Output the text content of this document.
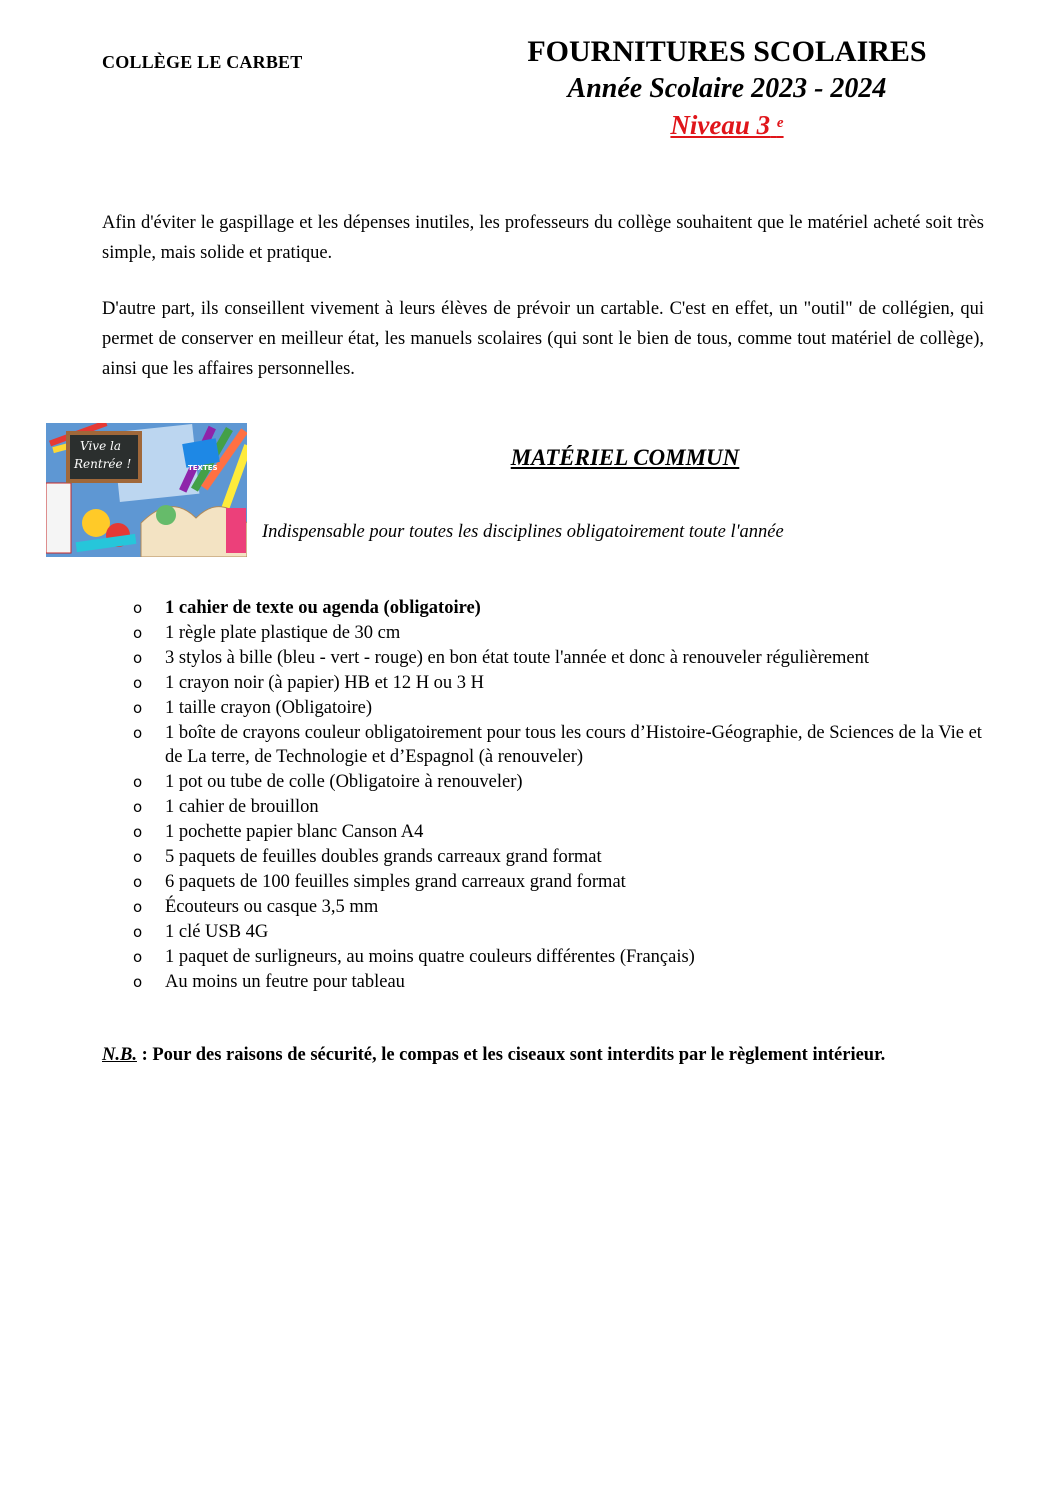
COLLÈGE LE CARBET	FOURNITURES SCOLAIRES
Année Scolaire 2023 - 2024
Niveau 3 $^e$
Afin d'éviter le gaspillage et les dépenses inutiles, les professeurs du collège souhaitent que le matériel acheté soit très simple, mais solide et pratique.
D'autre part, ils conseillent vivement à leurs élèves de prévoir un cartable. C'est en effet, un "outil" de collégien, qui permet de conserver en meilleur état, les manuels scolaires (qui sont le bien de tous, comme tout matériel de collège), ainsi que les affaires personnelles.
Vive la
Rentrée !	TEXTES	MATÉRIEL COMMUN
Indispensable pour toutes les disciplines obligatoirement toute l'année
o 1 cahier de texte ou agenda (obligatoire)
o 1 règle plate plastique de 30 cm
o 3 stylos à bille (bleu - vert - rouge) en bon état toute l'année et donc à renouveler régulièrement
o 1 crayon noir (à papier) HB et 12 H ou 3 H
o 1 taille crayon (Obligatoire)
o 1 boîte de crayons couleur obligatoirement pour tous les cours d’Histoire-Géographie, de Sciences de la Vie et de La terre, de Technologie et d’Espagnol (à renouveler)
o 1 pot ou tube de colle (Obligatoire à renouveler)
o 1 cahier de brouillon
o 1 pochette papier blanc Canson A4
o 5 paquets de feuilles doubles grands carreaux grand format
o 6 paquets de 100 feuilles simples grand carreaux grand format
o Écouteurs ou casque 3,5 mm
o 1 clé USB 4G
o 1 paquet de surligneurs, au moins quatre couleurs différentes (Français)
o Au moins un feutre pour tableau
N.B. : Pour des raisons de sécurité, le compas et les ciseaux sont interdits par le règlement intérieur.
